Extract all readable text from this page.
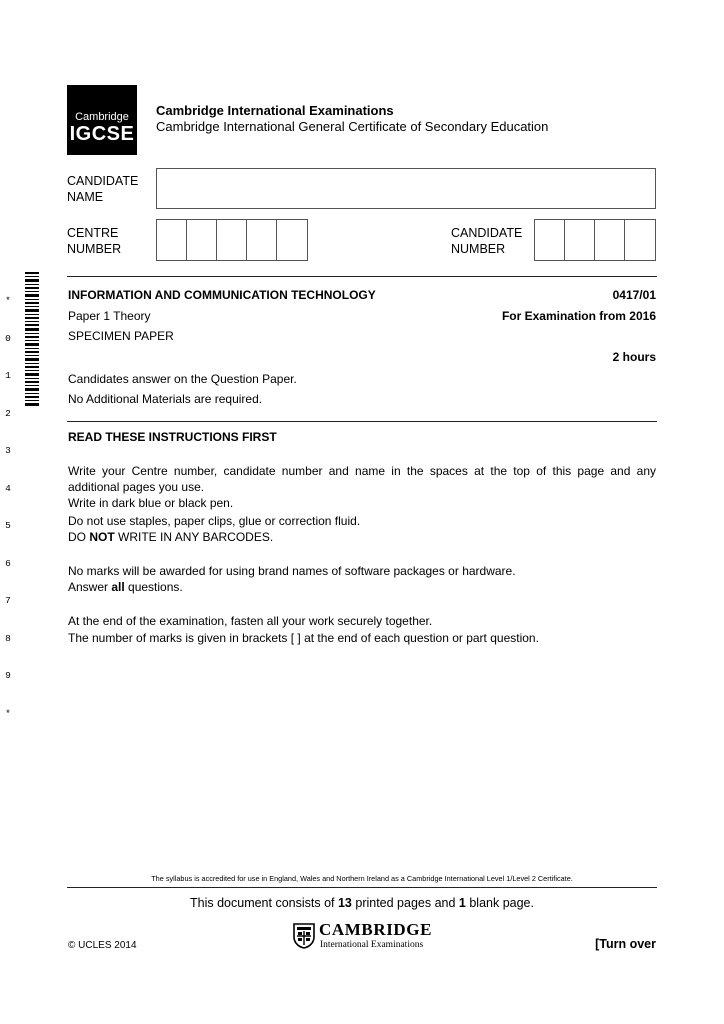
Cambridge
IGCSE
Cambridge International Examinations
Cambridge International General Certificate of Secondary Education
CANDIDATE
NAME
CENTRE
NUMBER
CANDIDATE
NUMBER

*

0

1

2

3

4

5

6

7

8

9

*

INFORMATION AND COMMUNICATION TECHNOLOGY	0417/01
Paper 1 Theory	For Examination from 2016
SPECIMEN PAPER
2 hours
Candidates answer on the Question Paper.
No Additional Materials are required.
READ THESE INSTRUCTIONS FIRST
Write your Centre number, candidate number and name in the spaces at the top of this page and any additional pages you use.
Write in dark blue or black pen.
Do not use staples, paper clips, glue or correction fluid.
DO NOT WRITE IN ANY BARCODES.
No marks will be awarded for using brand names of software packages or hardware.
Answer all questions.
At the end of the examination, fasten all your work securely together.
The number of marks is given in brackets [ ] at the end of each question or part question.
The syllabus is accredited for use in England, Wales and Northern Ireland as a Cambridge International Level 1/Level 2 Certificate.
This document consists of 13 printed pages and 1 blank page.
© UCLES 2014
CAMBRIDGE
International Examinations	[Turn over
